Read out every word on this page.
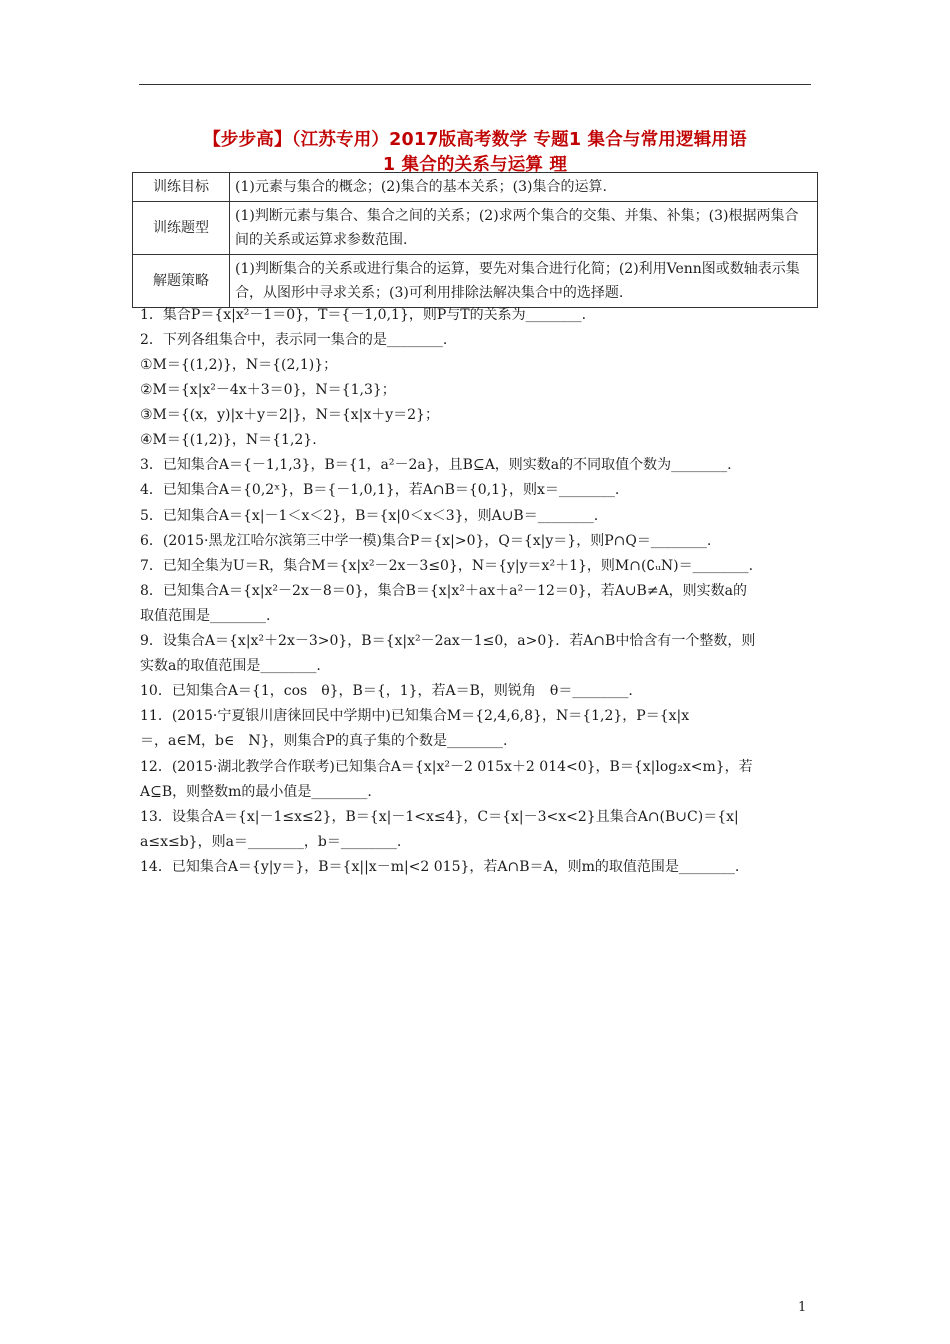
【步步高】（江苏专用）2017版高考数学 专题1 集合与常用逻辑用语
1 集合的关系与运算 理
训练目标	(1)元素与集合的概念；(2)集合的基本关系；(3)集合的运算.
训练题型	(1)判断元素与集合、集合之间的关系；(2)求两个集合的交集、并集、补集；(3)根据两集合间的关系或运算求参数范围.
解题策略	(1)判断集合的关系或进行集合的运算，要先对集合进行化简；(2)利用Venn图或数轴表示集合，从图形中寻求关系；(3)可利用排除法解决集合中的选择题.
1．集合P＝{x|x²－1＝0}，T＝{－1,0,1}，则P与T的关系为________.
2．下列各组集合中，表示同一集合的是________.
①M＝{(1,2)}，N＝{(2,1)}；
②M＝{x|x²－4x＋3＝0}，N＝{1,3}；
③M＝{(x，y)|x＋y＝2|}，N＝{x|x＋y＝2}；
④M＝{(1,2)}，N＝{1,2}.
3．已知集合A＝{－1,1,3}，B＝{1，a²－2a}，且B⊆A，则实数a的不同取值个数为________.
4．已知集合A＝{0,2ˣ}，B＝{－1,0,1}，若A∩B＝{0,1}，则x＝________.
5．已知集合A＝{x|－1＜x＜2}，B＝{x|0＜x＜3}，则A∪B＝________.
6．(2015·黑龙江哈尔滨第三中学一模)集合P＝{x|>0}，Q＝{x|y＝}，则P∩Q＝________.
7．已知全集为U＝R，集合M＝{x|x²－2x－3≤0}，N＝{y|y＝x²＋1}，则M∩(∁ᵤN)＝________.
8．已知集合A＝{x|x²－2x－8＝0}，集合B＝{x|x²＋ax＋a²－12＝0}，若A∪B≠A，则实数a的
取值范围是________.
9．设集合A＝{x|x²＋2x－3>0}，B＝{x|x²－2ax－1≤0，a>0}．若A∩B中恰含有一个整数，则
实数a的取值范围是________.
10．已知集合A＝{1，cos　θ}，B＝{，1}，若A＝B，则锐角　θ＝________.
11．(2015·宁夏银川唐徕回民中学期中)已知集合M＝{2,4,6,8}，N＝{1,2}，P＝{x|x
＝，a∈M，b∈　N}，则集合P的真子集的个数是________.
12．(2015·湖北教学合作联考)已知集合A＝{x|x²－2 015x＋2 014<0}，B＝{x|log₂x<m}，若
A⊆B，则整数m的最小值是________.
13．设集合A＝{x|－1≤x≤2}，B＝{x|－1<x≤4}，C＝{x|－3<x<2}且集合A∩(B∪C)＝{x|
a≤x≤b}，则a＝________，b＝________.
14．已知集合A＝{y|y＝}，B＝{x||x－m|<2 015}，若A∩B＝A，则m的取值范围是________.
1
